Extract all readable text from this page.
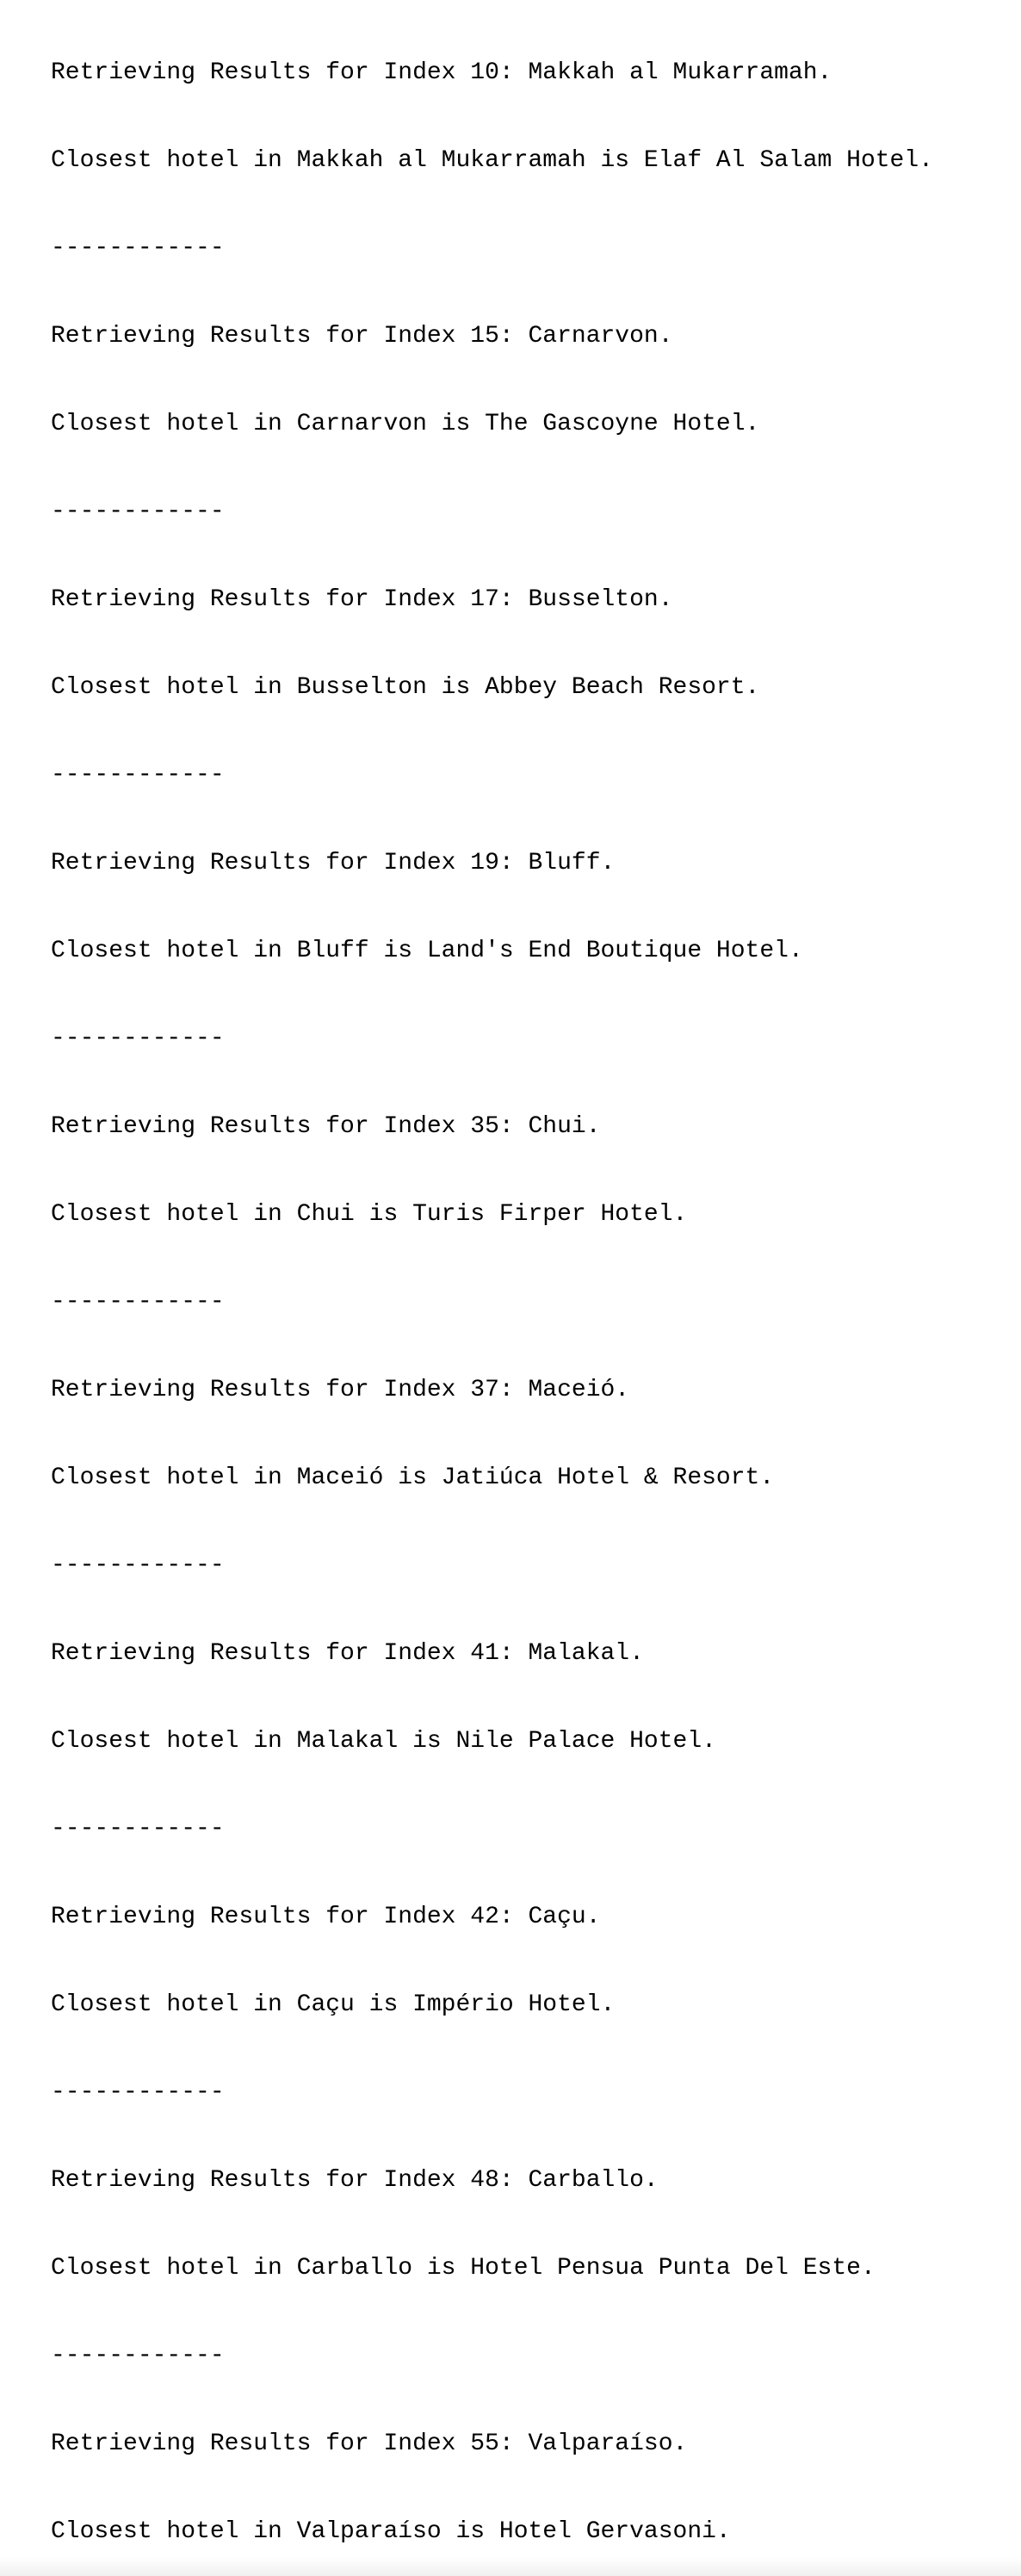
Retrieving Results for Index 10: Makkah al Mukarramah.

Closest hotel in Makkah al Mukarramah is Elaf Al Salam Hotel.

------------

Retrieving Results for Index 15: Carnarvon.

Closest hotel in Carnarvon is The Gascoyne Hotel.

------------

Retrieving Results for Index 17: Busselton.

Closest hotel in Busselton is Abbey Beach Resort.

------------

Retrieving Results for Index 19: Bluff.

Closest hotel in Bluff is Land's End Boutique Hotel.

------------

Retrieving Results for Index 35: Chui.

Closest hotel in Chui is Turis Firper Hotel.

------------

Retrieving Results for Index 37: Maceió.

Closest hotel in Maceió is Jatiúca Hotel & Resort.

------------

Retrieving Results for Index 41: Malakal.

Closest hotel in Malakal is Nile Palace Hotel.

------------

Retrieving Results for Index 42: Caçu.

Closest hotel in Caçu is Império Hotel.

------------

Retrieving Results for Index 48: Carballo.

Closest hotel in Carballo is Hotel Pensua Punta Del Este.

------------

Retrieving Results for Index 55: Valparaíso.

Closest hotel in Valparaíso is Hotel Gervasoni.
